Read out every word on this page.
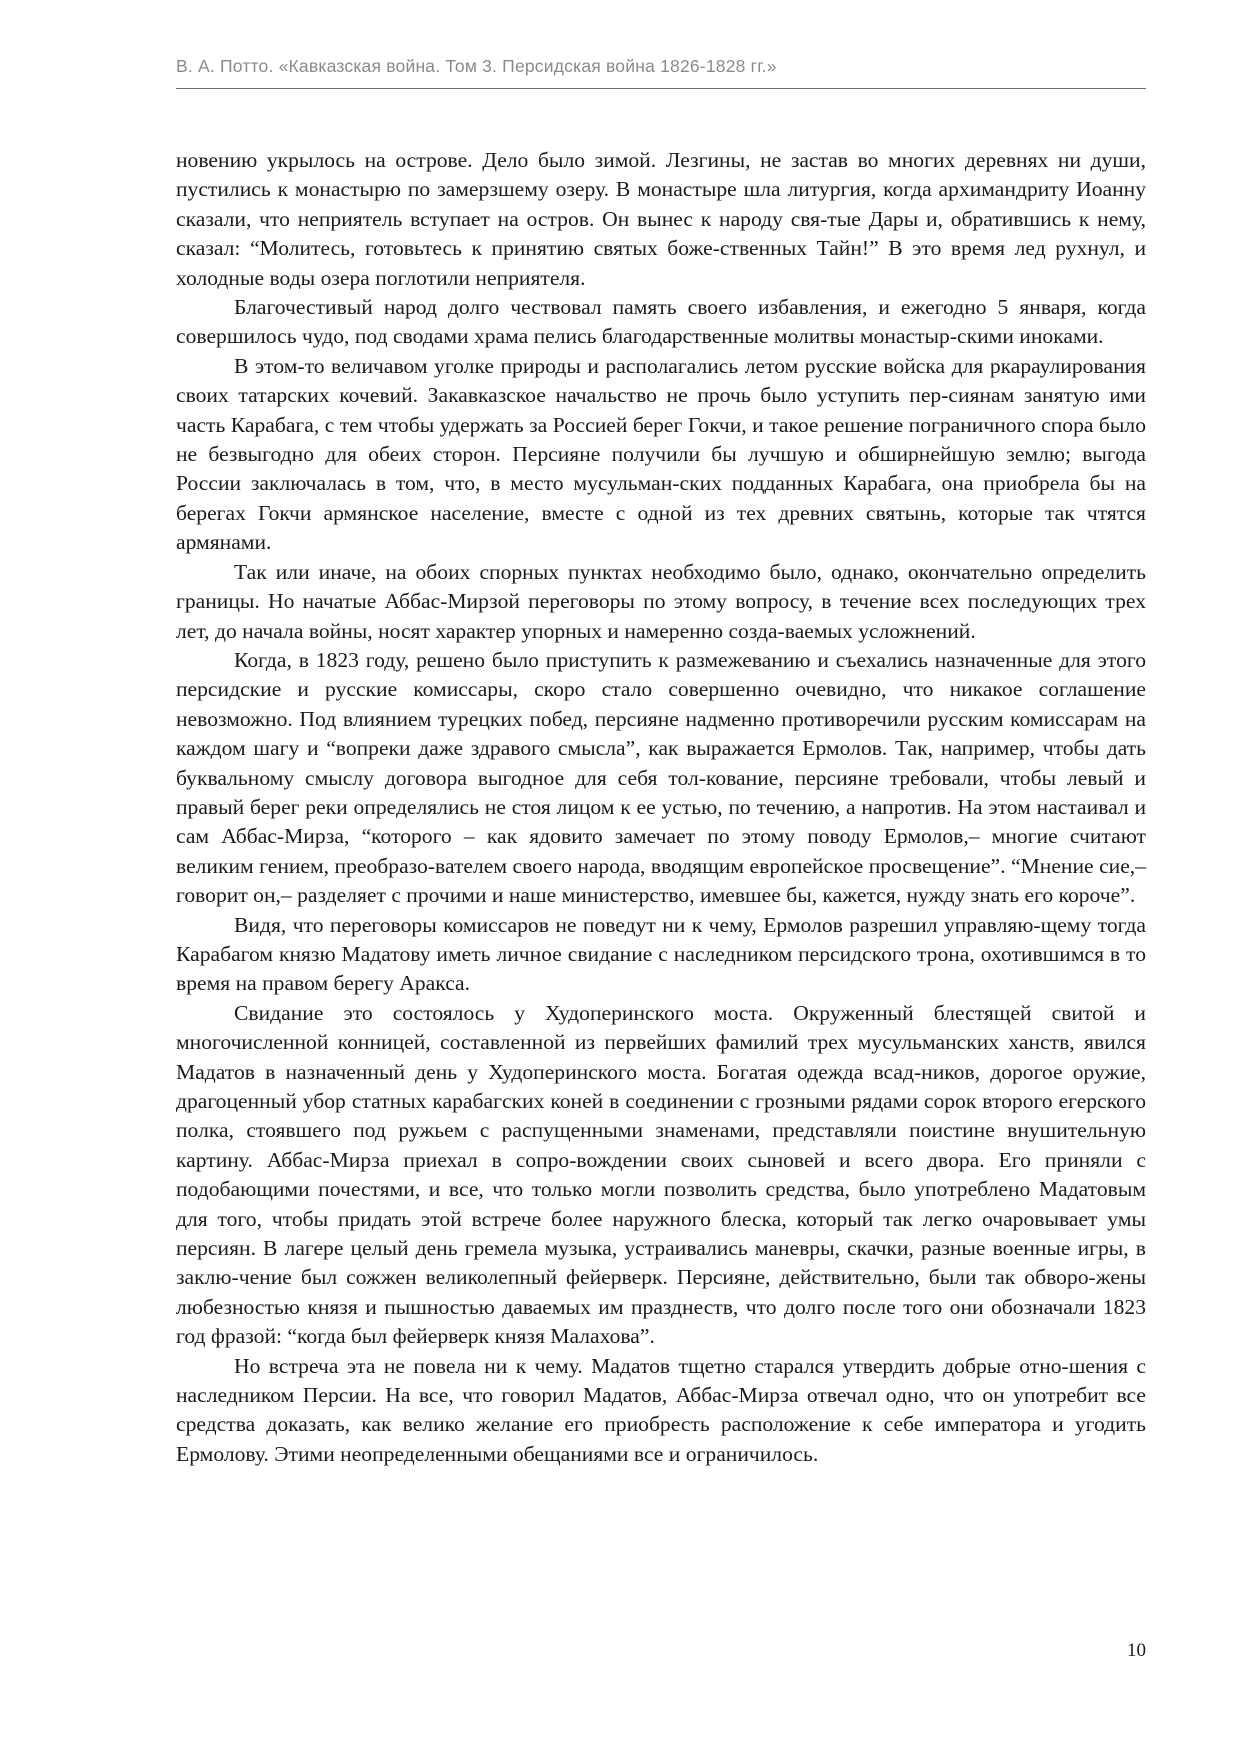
В. А. Потто. «Кавказская война. Том 3. Персидская война 1826-1828 гг.»

новению укрылось на острове. Дело было зимой. Лезгины, не застав во многих деревнях ни души, пустились к монастырю по замерзшему озеру. В монастыре шла литургия, когда архимандриту Иоанну сказали, что неприятель вступает на остров. Он вынес к народу свя-тые Дары и, обратившись к нему, сказал: “Молитесь, готовьтесь к принятию святых боже-ственных Тайн!” В это время лед рухнул, и холодные воды озера поглотили неприятеля.

Благочестивый народ долго чествовал память своего избавления, и ежегодно 5 января, когда совершилось чудо, под сводами храма пелись благодарственные молитвы монастыр-скими иноками.

В этом-то величавом уголке природы и располагались летом русские войска для ркараулирования своих татарских кочевий. Закавказское начальство не прочь было уступить пер-сиянам занятую ими часть Карабага, с тем чтобы удержать за Россией берег Гокчи, и такое решение пограничного спора было не безвыгодно для обеих сторон. Персияне получили бы лучшую и обширнейшую землю; выгода России заключалась в том, что, в место мусульман-ских подданных Карабага, она приобрела бы на берегах Гокчи армянское население, вместе с одной из тех древних святынь, которые так чтятся армянами.

Так или иначе, на обоих спорных пунктах необходимо было, однако, окончательно определить границы. Но начатые Аббас-Мирзой переговоры по этому вопросу, в течение всех последующих трех лет, до начала войны, носят характер упорных и намеренно созда-ваемых усложнений.

Когда, в 1823 году, решено было приступить к размежеванию и съехались назначенные для этого персидские и русские комиссары, скоро стало совершенно очевидно, что никакое соглашение невозможно. Под влиянием турецких побед, персияне надменно противоречили русским комиссарам на каждом шагу и “вопреки даже здравого смысла”, как выражается Ермолов. Так, например, чтобы дать буквальному смыслу договора выгодное для себя тол-кование, персияне требовали, чтобы левый и правый берег реки определялись не стоя лицом к ее устью, по течению, а напротив. На этом настаивал и сам Аббас-Мирза, “которого – как ядовито замечает по этому поводу Ермолов,– многие считают великим гением, преобразо-вателем своего народа, вводящим европейское просвещение”. “Мнение сие,– говорит он,– разделяет с прочими и наше министерство, имевшее бы, кажется, нужду знать его короче”.

Видя, что переговоры комиссаров не поведут ни к чему, Ермолов разрешил управляю-щему тогда Карабагом князю Мадатову иметь личное свидание с наследником персидского трона, охотившимся в то время на правом берегу Аракса.

Свидание это состоялось у Худоперинского моста. Окруженный блестящей свитой и многочисленной конницей, составленной из первейших фамилий трех мусульманских ханств, явился Мадатов в назначенный день у Худоперинского моста. Богатая одежда всад-ников, дорогое оружие, драгоценный убор статных карабагских коней в соединении с грозными рядами сорок второго егерского полка, стоявшего под ружьем с распущенными знаменами, представляли поистине внушительную картину. Аббас-Мирза приехал в сопро-вождении своих сыновей и всего двора. Его приняли с подобающими почестями, и все, что только могли позволить средства, было употреблено Мадатовым для того, чтобы придать этой встрече более наружного блеска, который так легко очаровывает умы персиян. В лагере целый день гремела музыка, устраивались маневры, скачки, разные военные игры, в заклю-чение был сожжен великолепный фейерверк. Персияне, действительно, были так обворо-жены любезностью князя и пышностью даваемых им празднеств, что долго после того они обозначали 1823 год фразой: “когда был фейерверк князя Малахова”.

Но встреча эта не повела ни к чему. Мадатов тщетно старался утвердить добрые отно-шения с наследником Персии. На все, что говорил Мадатов, Аббас-Мирза отвечал одно, что он употребит все средства доказать, как велико желание его приобресть расположение к себе императора и угодить Ермолову. Этими неопределенными обещаниями все и ограничилось.

10
